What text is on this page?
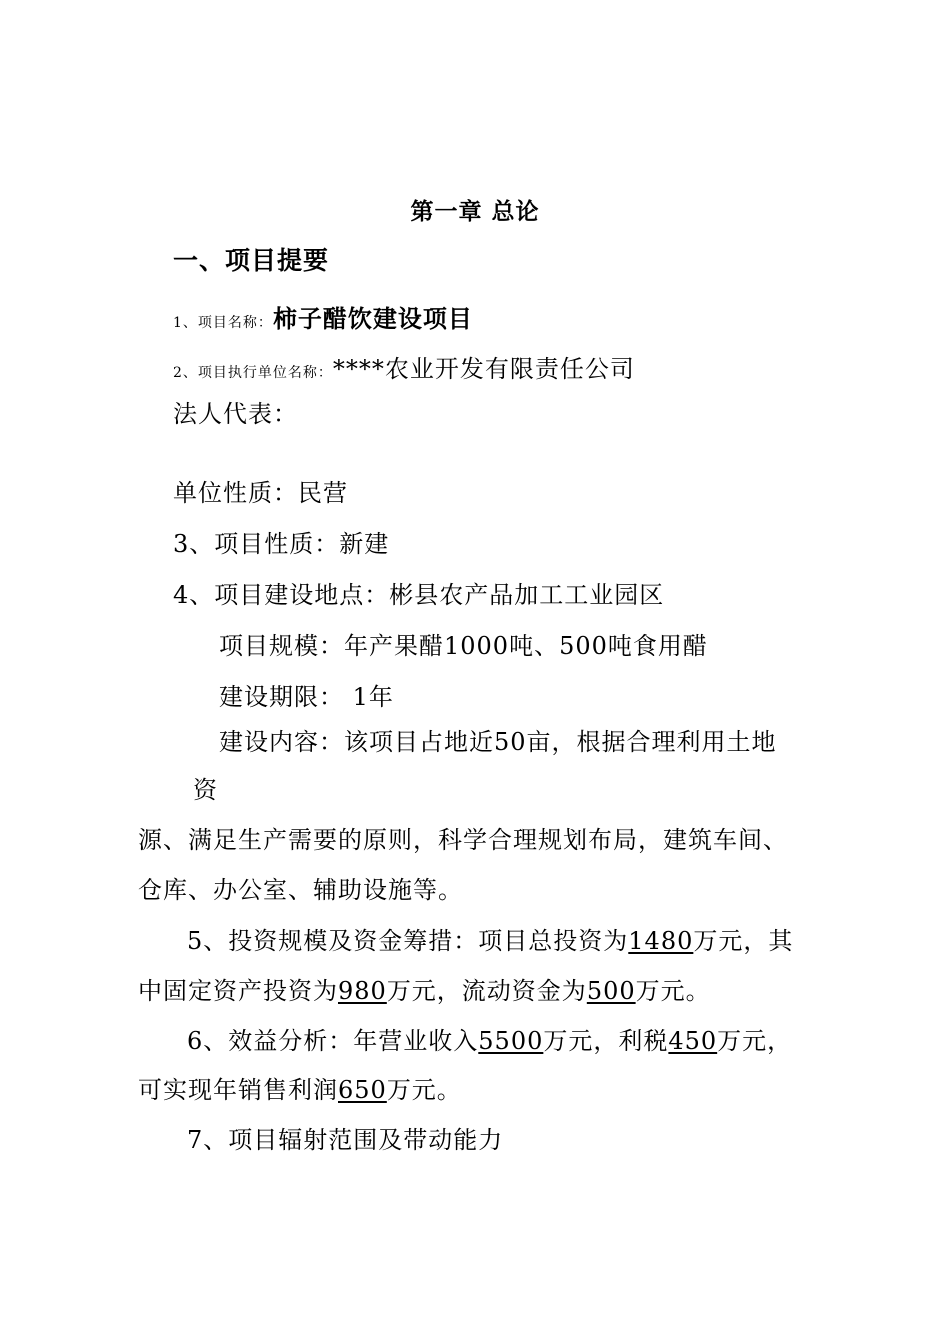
第一章 总论
一、项目提要
1、项目名称：柿子醋饮建设项目
2、项目执行单位名称：****农业开发有限责任公司
法人代表：
单位性质：民营
3、项目性质：新建
4、项目建设地点：彬县农产品加工工业园区
项目规模：年产果醋1000吨、500吨食用醋
建设期限： 1年
建设内容：该项目占地近50亩，根据合理利用土地
资
源、满足生产需要的原则，科学合理规划布局，建筑车间、
仓库、办公室、辅助设施等。
5、投资规模及资金筹措：项目总投资为1480万元，其
中固定资产投资为980万元，流动资金为500万元。
6、效益分析：年营业收入5500万元，利税450万元，
可实现年销售利润650万元。
7、项目辐射范围及带动能力
